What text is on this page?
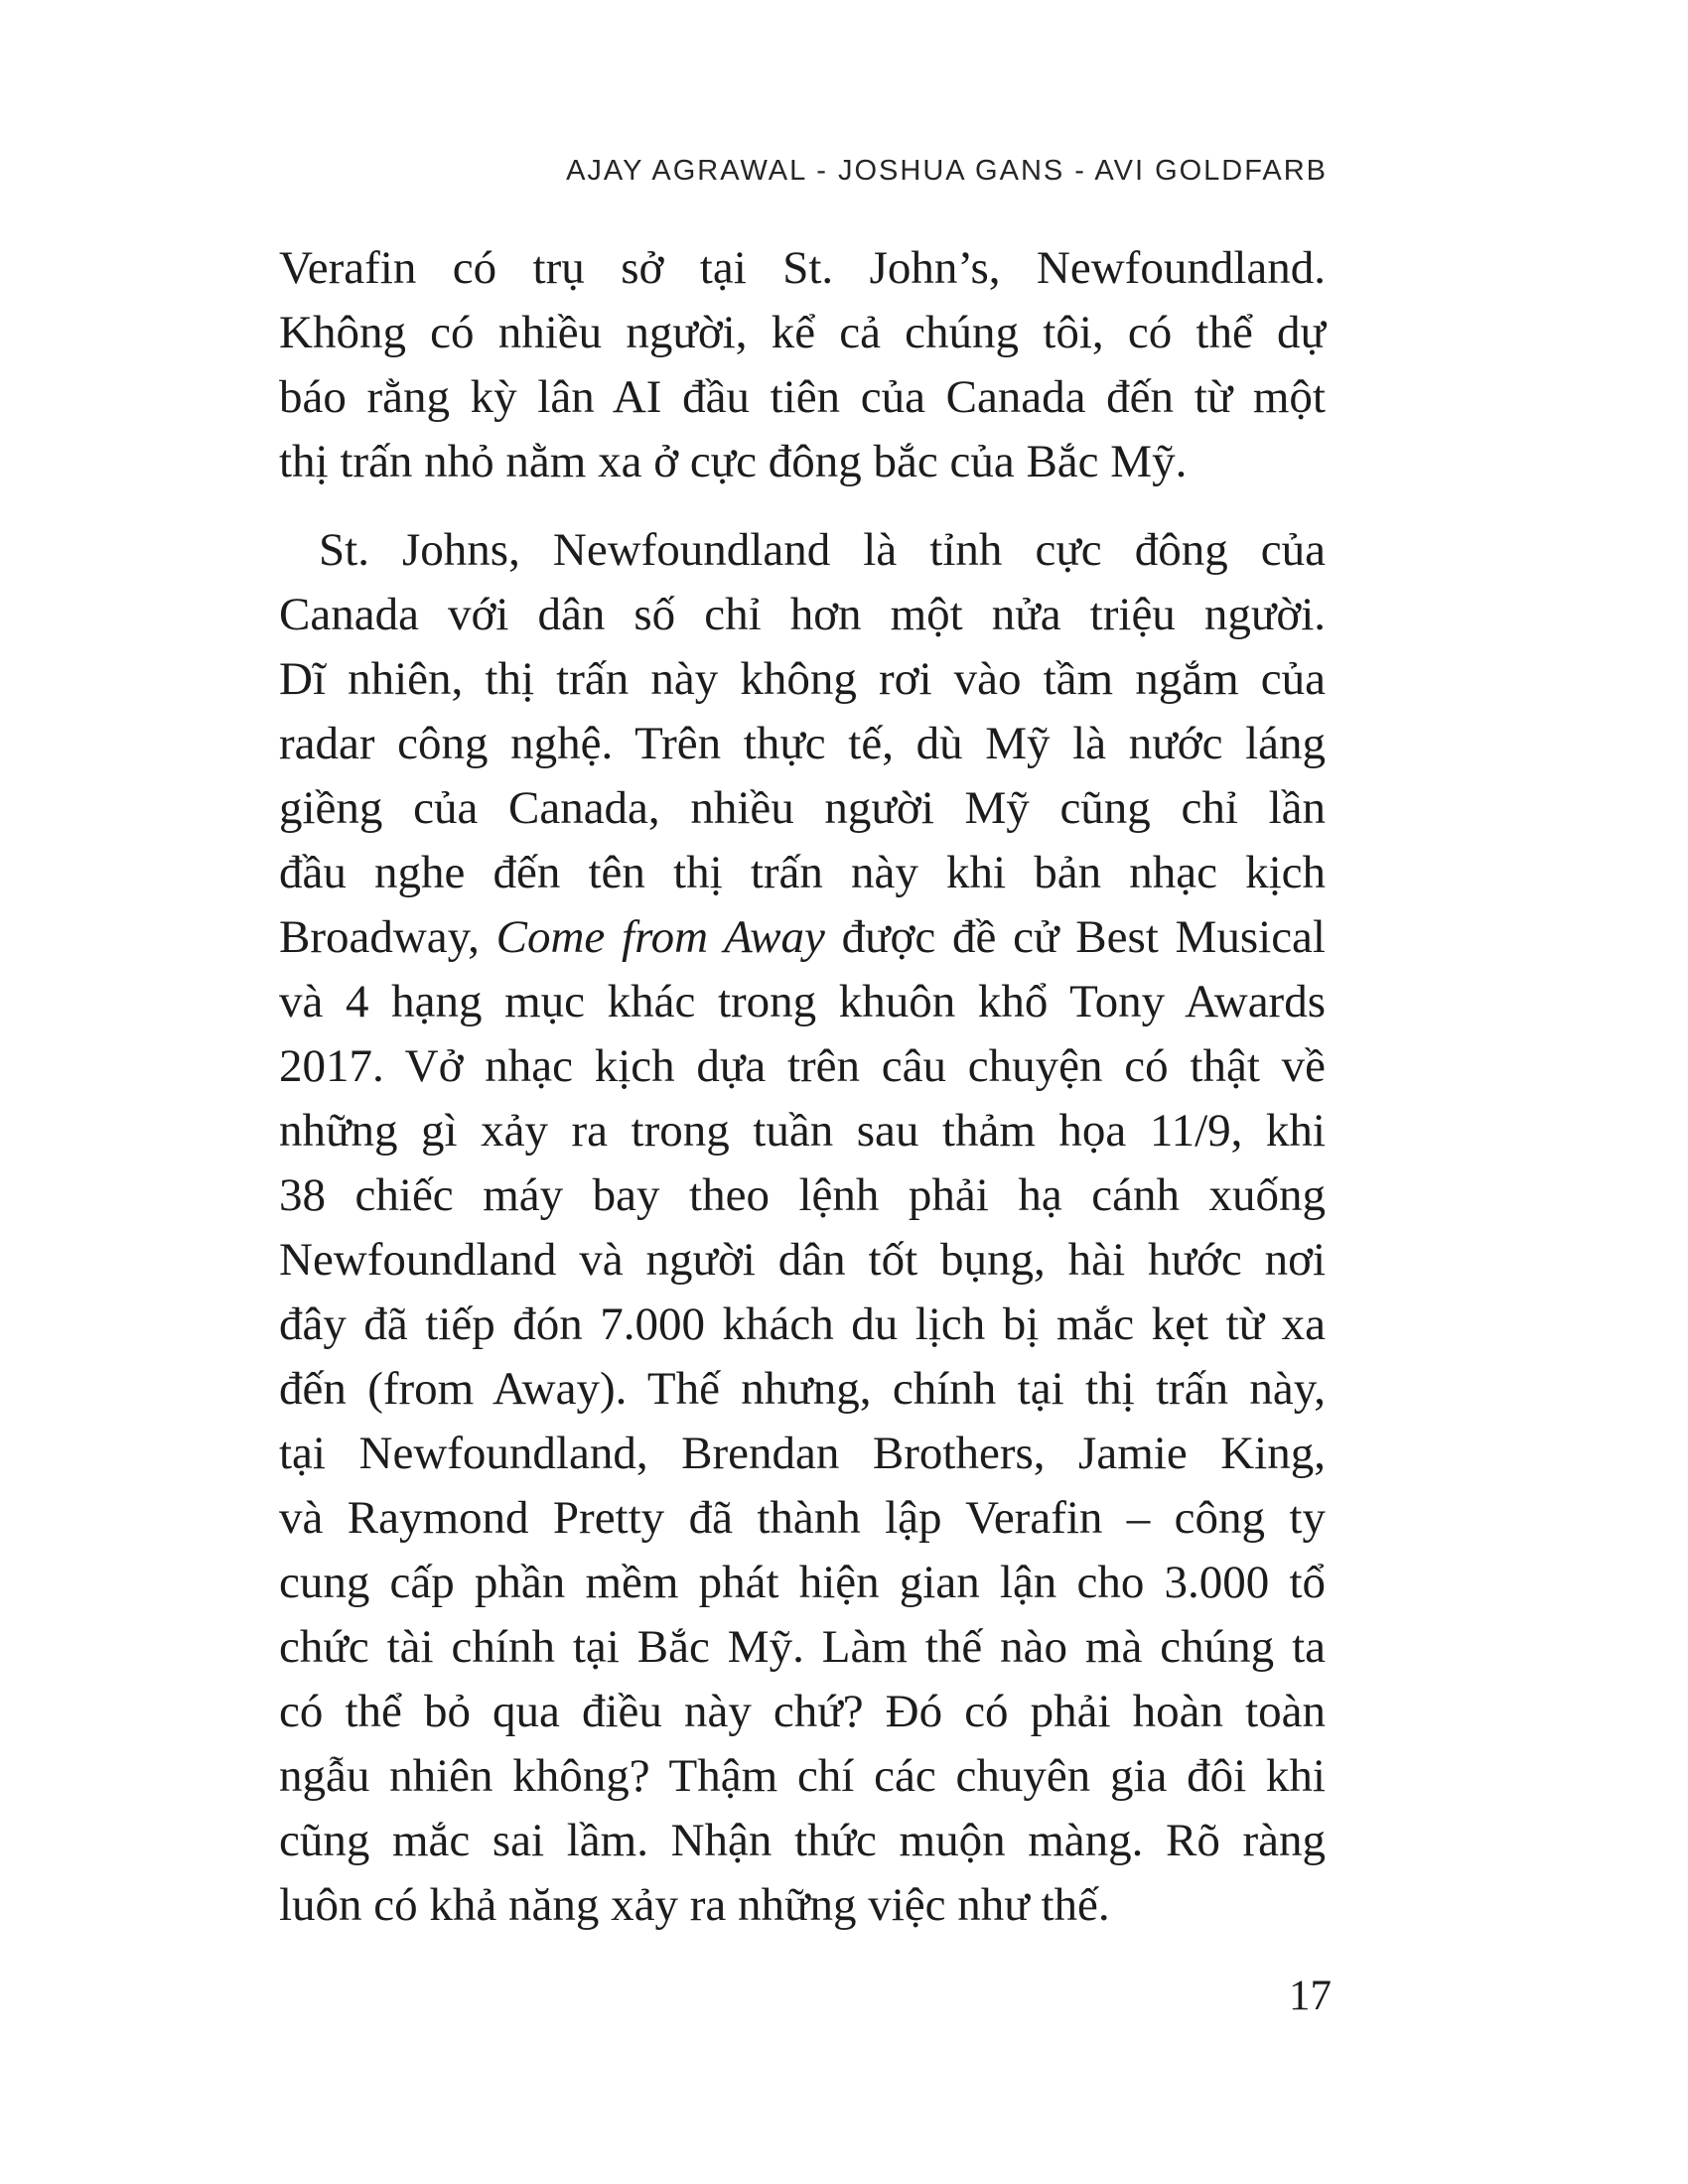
AJAY AGRAWAL - JOSHUA GANS - AVI GOLDFARB
Verafin có trụ sở tại St. John’s, Newfoundland.
Không có nhiều người, kể cả chúng tôi, có thể dự
báo rằng kỳ lân AI đầu tiên của Canada đến từ một
thị trấn nhỏ nằm xa ở cực đông bắc của Bắc Mỹ.
St. Johns, Newfoundland là tỉnh cực đông của
Canada với dân số chỉ hơn một nửa triệu người.
Dĩ nhiên, thị trấn này không rơi vào tầm ngắm của
radar công nghệ. Trên thực tế, dù Mỹ là nước láng
giềng của Canada, nhiều người Mỹ cũng chỉ lần
đầu nghe đến tên thị trấn này khi bản nhạc kịch
Broadway, Come from Away được đề cử Best Musical
và 4 hạng mục khác trong khuôn khổ Tony Awards
2017. Vở nhạc kịch dựa trên câu chuyện có thật về
những gì xảy ra trong tuần sau thảm họa 11/9, khi
38 chiếc máy bay theo lệnh phải hạ cánh xuống
Newfoundland và người dân tốt bụng, hài hước nơi
đây đã tiếp đón 7.000 khách du lịch bị mắc kẹt từ xa
đến (from Away). Thế nhưng, chính tại thị trấn này,
tại Newfoundland, Brendan Brothers, Jamie King,
và Raymond Pretty đã thành lập Verafin – công ty
cung cấp phần mềm phát hiện gian lận cho 3.000 tổ
chức tài chính tại Bắc Mỹ. Làm thế nào mà chúng ta
có thể bỏ qua điều này chứ? Đó có phải hoàn toàn
ngẫu nhiên không? Thậm chí các chuyên gia đôi khi
cũng mắc sai lầm. Nhận thức muộn màng. Rõ ràng
luôn có khả năng xảy ra những việc như thế.
17
